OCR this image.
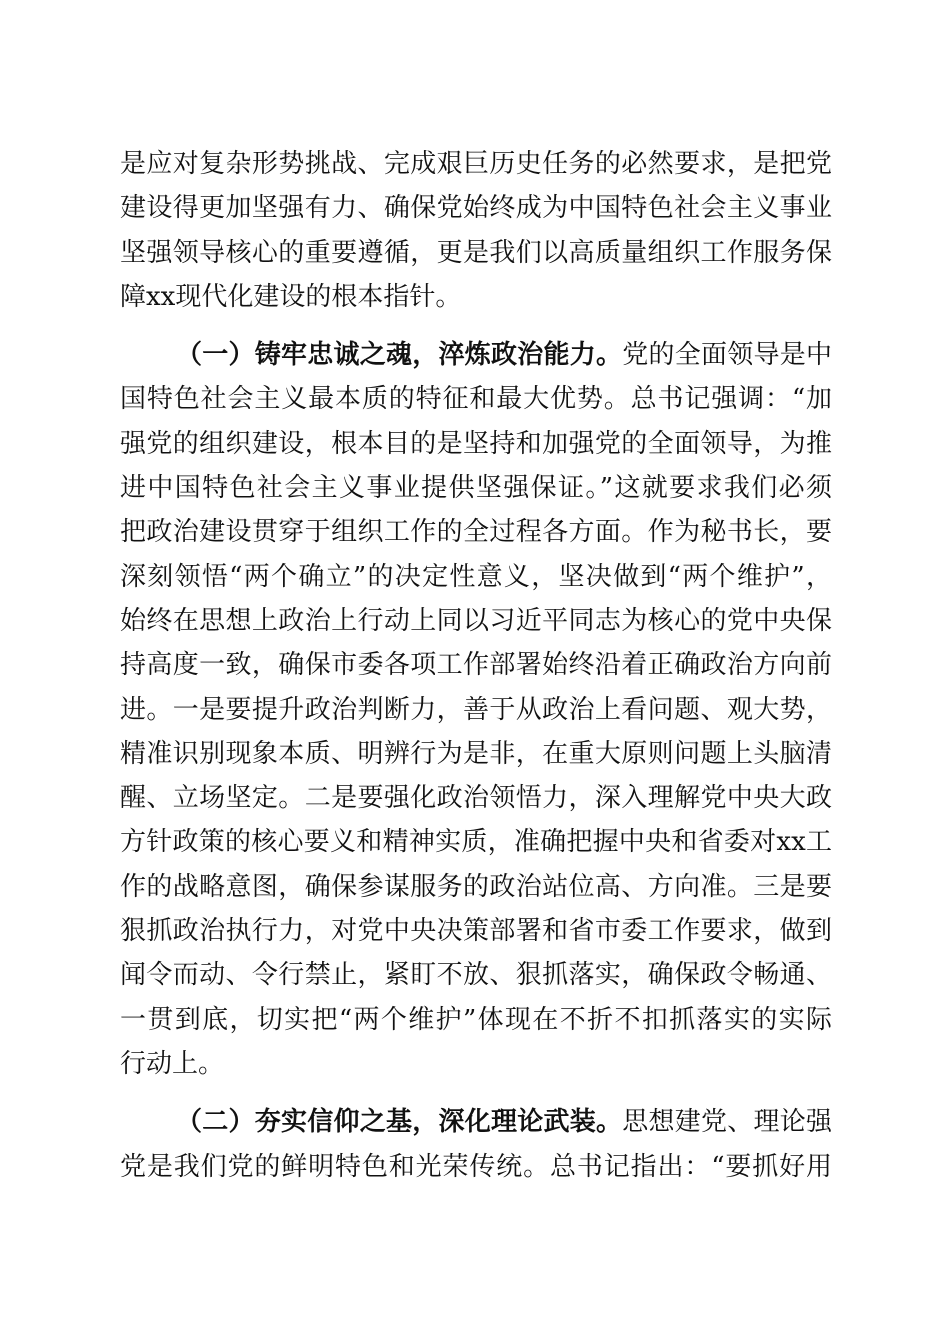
是应对复杂形势挑战、完成艰巨历史任务的必然要求，是把党
建设得更加坚强有力、确保党始终成为中国特色社会主义事业
坚强领导核心的重要遵循，更是我们以高质量组织工作服务保
障xx现代化建设的根本指针。
（一）铸牢忠诚之魂，淬炼政治能力。党的全面领导是中
国特色社会主义最本质的特征和最大优势。总书记强调：“加
强党的组织建设，根本目的是坚持和加强党的全面领导，为推
进中国特色社会主义事业提供坚强保证。”这就要求我们必须
把政治建设贯穿于组织工作的全过程各方面。作为秘书长，要
深刻领悟“两个确立”的决定性意义，坚决做到“两个维护”，
始终在思想上政治上行动上同以习近平同志为核心的党中央保
持高度一致，确保市委各项工作部署始终沿着正确政治方向前
进。一是要提升政治判断力，善于从政治上看问题、观大势，
精准识别现象本质、明辨行为是非，在重大原则问题上头脑清
醒、立场坚定。二是要强化政治领悟力，深入理解党中央大政
方针政策的核心要义和精神实质，准确把握中央和省委对xx工
作的战略意图，确保参谋服务的政治站位高、方向准。三是要
狠抓政治执行力，对党中央决策部署和省市委工作要求，做到
闻令而动、令行禁止，紧盯不放、狠抓落实，确保政令畅通、
一贯到底，切实把“两个维护”体现在不折不扣抓落实的实际
行动上。
（二）夯实信仰之基，深化理论武装。思想建党、理论强
党是我们党的鲜明特色和光荣传统。总书记指出：“要抓好用
